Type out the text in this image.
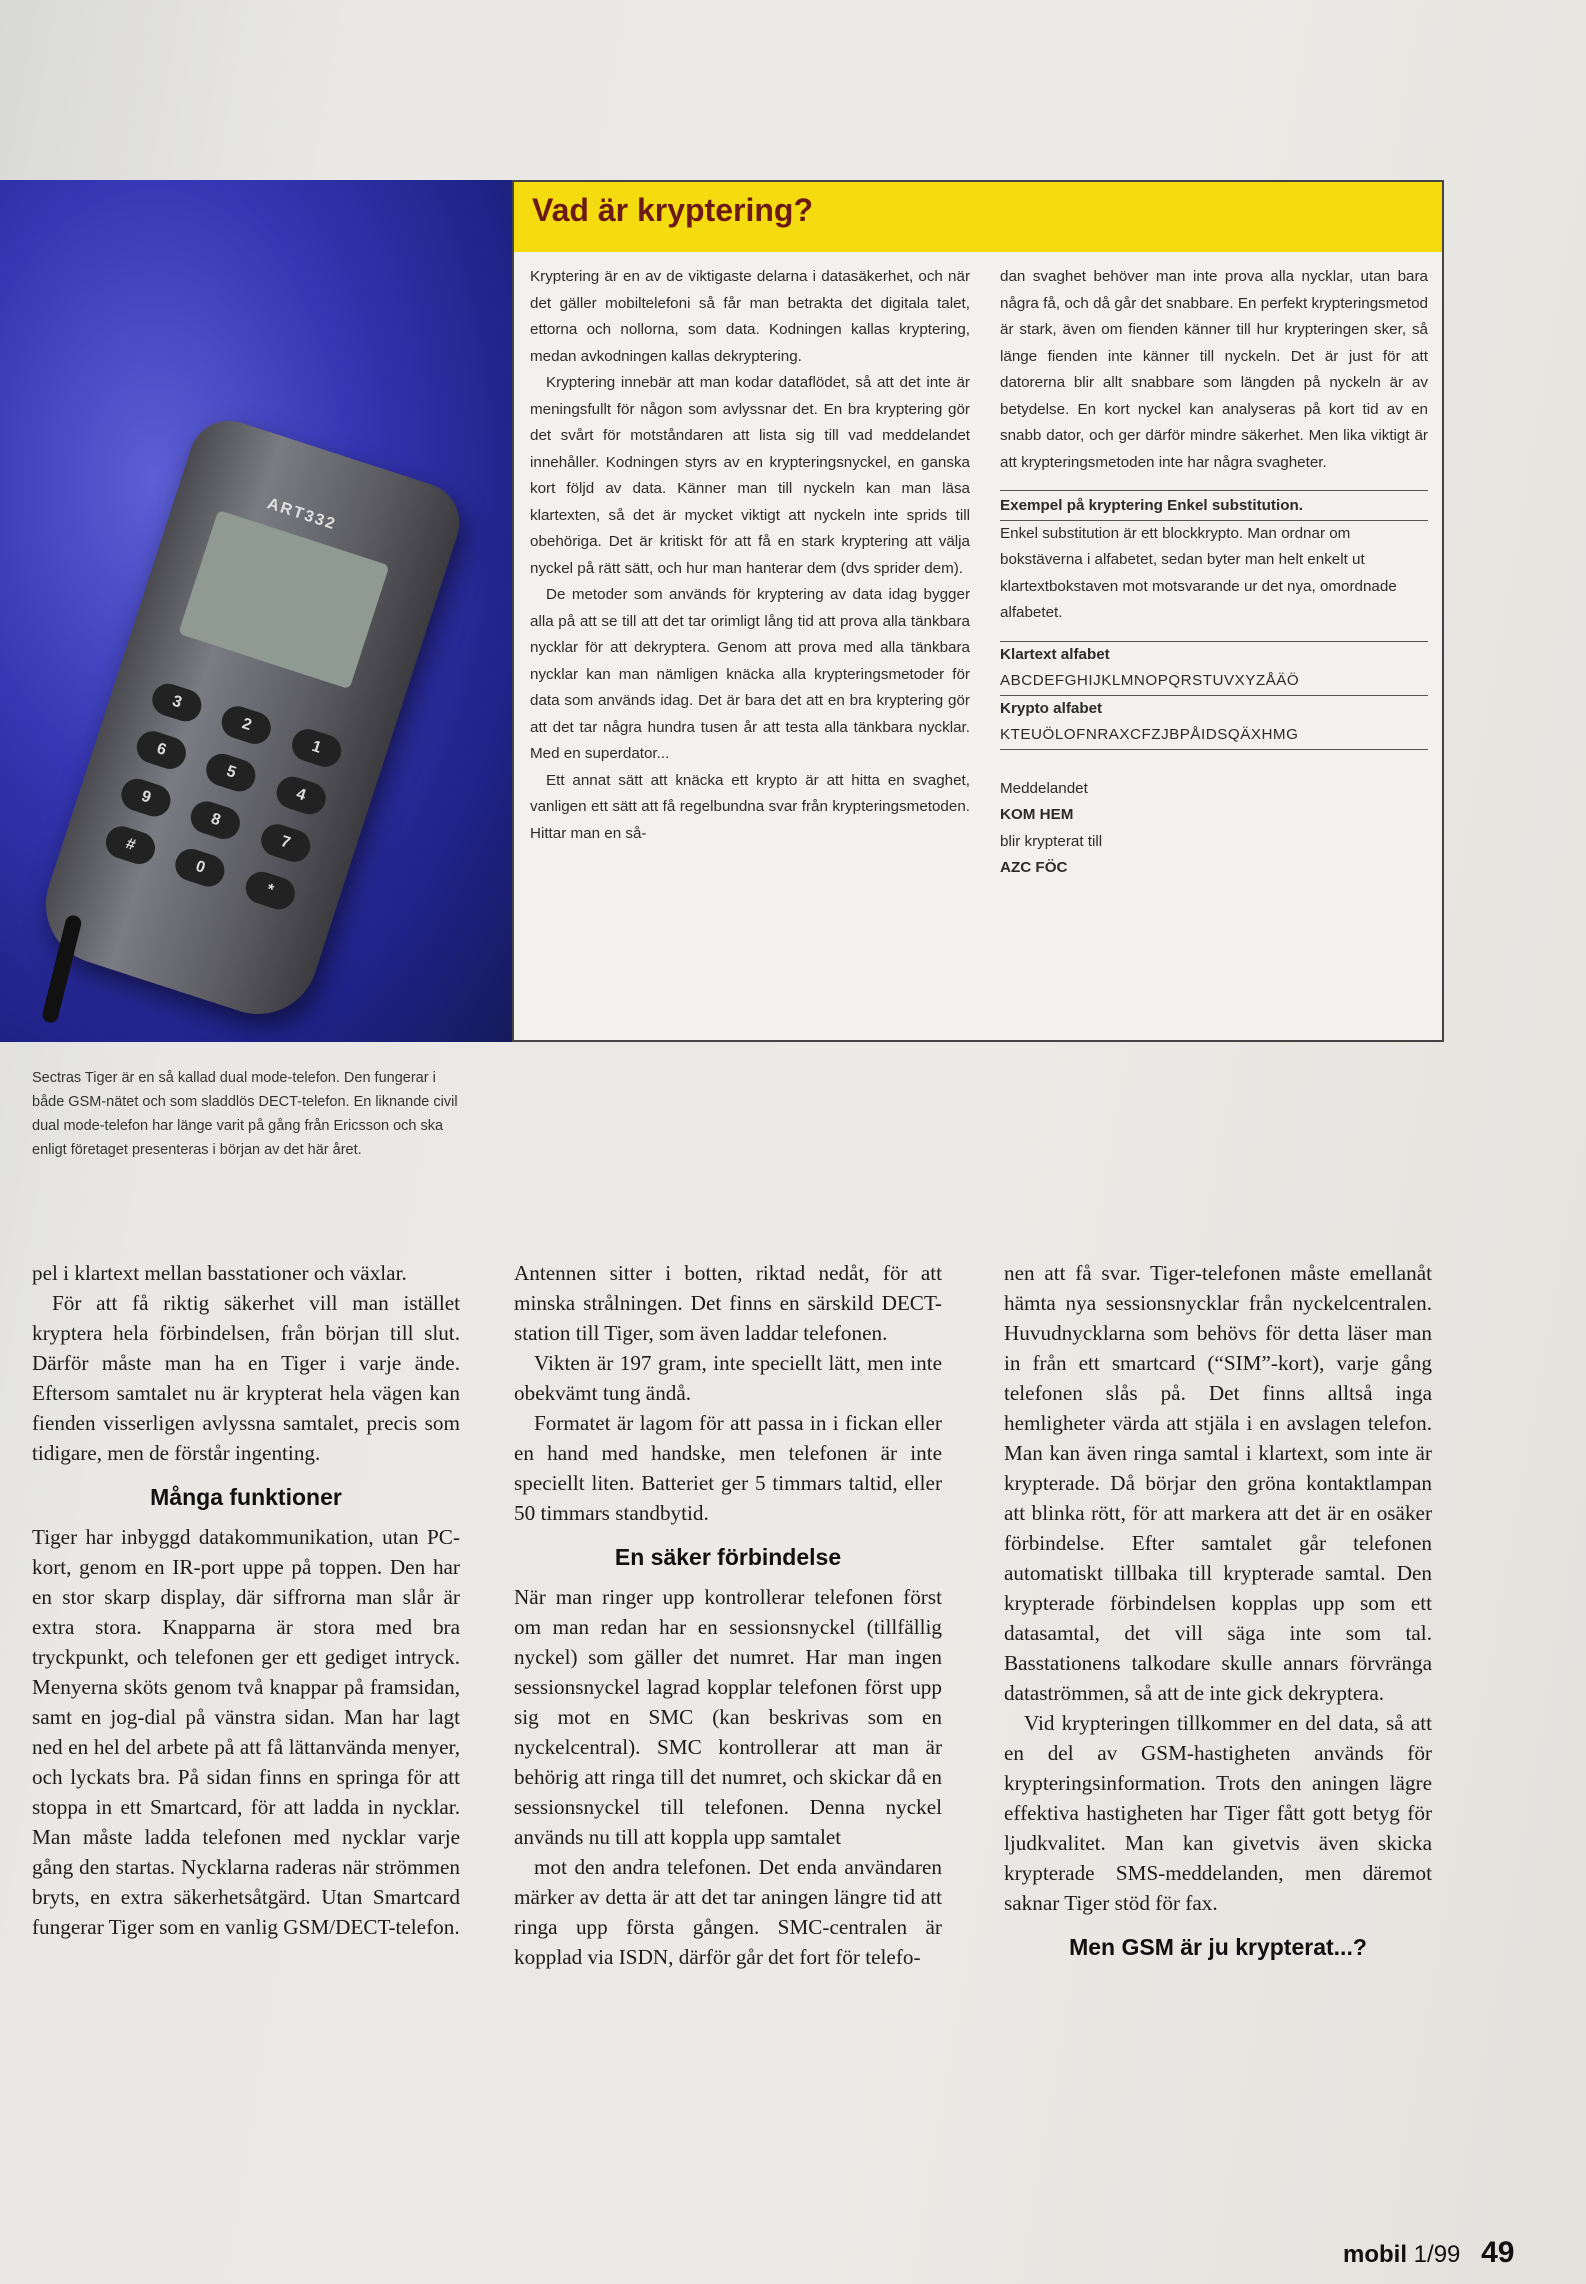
ART332
3
2
1
6
5
4
9
8
7
#
0
*
Sectras Tiger är en så kallad dual mode-telefon. Den fungerar i både GSM-nätet och som sladdlös DECT-telefon. En liknande civil dual mode-telefon har länge varit på gång från Ericsson och ska enligt företaget presenteras i början av det här året.
Vad är kryptering?

Kryptering är en av de viktigaste delarna i datasäkerhet, och när det gäller mobiltelefoni så får man betrakta det digitala talet, ettorna och nollorna, som data. Kodningen kallas kryptering, medan avkodningen kallas dekryptering.

Kryptering innebär att man kodar dataflödet, så att det inte är meningsfullt för någon som avlyssnar det. En bra kryptering gör det svårt för motståndaren att lista sig till vad meddelandet innehåller. Kodningen styrs av en krypteringsnyckel, en ganska kort följd av data. Känner man till nyckeln kan man läsa klartexten, så det är mycket viktigt att nyckeln inte sprids till obehöriga. Det är kritiskt för att få en stark kryptering att välja nyckel på rätt sätt, och hur man hanterar dem (dvs sprider dem).

De metoder som används för kryptering av data idag bygger alla på att se till att det tar orimligt lång tid att prova alla tänkbara nycklar för att dekryptera. Genom att prova med alla tänkbara nycklar kan man nämligen knäcka alla krypteringsmetoder för data som används idag. Det är bara det att en bra kryptering gör att det tar några hundra tusen år att testa alla tänkbara nycklar. Med en superdator...

Ett annat sätt att knäcka ett krypto är att hitta en svaghet, vanligen ett sätt att få regelbundna svar från krypteringsmetoden. Hittar man en så-

dan svaghet behöver man inte prova alla nycklar, utan bara några få, och då går det snabbare. En perfekt krypteringsmetod är stark, även om fienden känner till hur krypteringen sker, så länge fienden inte känner till nyckeln. Det är just för att datorerna blir allt snabbare som längden på nyckeln är av betydelse. En kort nyckel kan analyseras på kort tid av en snabb dator, och ger därför mindre säkerhet. Men lika viktigt är att krypteringsmetoden inte har några svagheter.

Exempel på kryptering Enkel substitution.
Enkel substitution är ett blockkrypto. Man ordnar om bokstäverna i alfabetet, sedan byter man helt enkelt ut klartextbokstaven mot motsvarande ur det nya, omordnade alfabetet.
Klartext alfabet
ABCDEFGHIJKLMNOPQRSTUVXYZÅÄÖ
Krypto alfabet
KTEUÖLOFNRAXCFZJBPÅIDSQÄXHMG
Meddelandet
KOM HEM
blir krypterat till
AZC FÖC

pel i klartext mellan basstationer och växlar.

För att få riktig säkerhet vill man istället kryptera hela förbindelsen, från början till slut. Därför måste man ha en Tiger i varje ände. Eftersom samtalet nu är krypterat hela vägen kan fienden visserligen avlyssna samtalet, precis som tidigare, men de förstår ingenting.

Många funktioner

Tiger har inbyggd datakommunikation, utan PC-kort, genom en IR-port uppe på toppen. Den har en stor skarp display, där siffrorna man slår är extra stora. Knapparna är stora med bra tryckpunkt, och telefonen ger ett gediget intryck. Menyerna sköts genom två knappar på framsidan, samt en jog-dial på vänstra sidan. Man har lagt ned en hel del arbete på att få lättanvända menyer, och lyckats bra. På sidan finns en springa för att stoppa in ett Smartcard, för att ladda in nycklar. Man måste ladda telefonen med nycklar varje gång den startas. Nycklarna raderas när strömmen bryts, en extra säkerhetsåtgärd. Utan Smartcard fungerar Tiger som en vanlig GSM/DECT-telefon.

Antennen sitter i botten, riktad nedåt, för att minska strålningen. Det finns en särskild DECT-station till Tiger, som även laddar telefonen.

Vikten är 197 gram, inte speciellt lätt, men inte obekvämt tung ändå.

Formatet är lagom för att passa in i fickan eller en hand med handske, men telefonen är inte speciellt liten. Batteriet ger 5 timmars taltid, eller 50 timmars standbytid.

En säker förbindelse

När man ringer upp kontrollerar telefonen först om man redan har en sessionsnyckel (tillfällig nyckel) som gäller det numret. Har man ingen sessionsnyckel lagrad kopplar telefonen först upp sig mot en SMC (kan beskrivas som en nyckelcentral). SMC kontrollerar att man är behörig att ringa till det numret, och skickar då en sessionsnyckel till telefonen. Denna nyckel används nu till att koppla upp samtalet

mot den andra telefonen. Det enda användaren märker av detta är att det tar aningen längre tid att ringa upp första gången. SMC-centralen är kopplad via ISDN, därför går det fort för telefo-

nen att få svar. Tiger-telefonen måste emellanåt hämta nya sessionsnycklar från nyckelcentralen. Huvudnycklarna som behövs för detta läser man in från ett smartcard (“SIM”-kort), varje gång telefonen slås på. Det finns alltså inga hemligheter värda att stjäla i en avslagen telefon. Man kan även ringa samtal i klartext, som inte är krypterade. Då börjar den gröna kontaktlampan att blinka rött, för att markera att det är en osäker förbindelse. Efter samtalet går telefonen automatiskt tillbaka till krypterade samtal. Den krypterade förbindelsen kopplas upp som ett datasamtal, det vill säga inte som tal. Basstationens talkodare skulle annars förvränga dataströmmen, så att de inte gick dekryptera.

Vid krypteringen tillkommer en del data, så att en del av GSM-hastigheten används för krypteringsinformation. Trots den aningen lägre effektiva hastigheten har Tiger fått gott betyg för ljudkvalitet. Man kan givetvis även skicka krypterade SMS-meddelanden, men däremot saknar Tiger stöd för fax.

Men GSM är ju krypterat...?
mobil 1/99 49
